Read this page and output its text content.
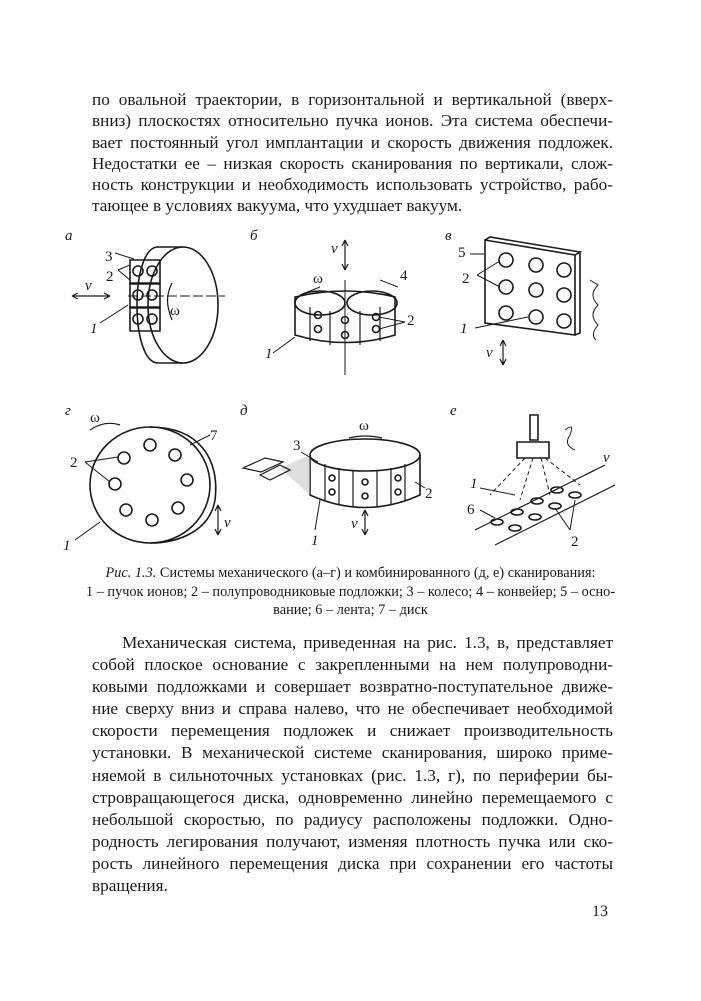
по овальной траектории, в горизонтальной и вертикальной (вверх-
вниз) плоскостях относительно пучка ионов. Эта система обеспечи-
вает постоянный угол имплантации и скорость движения подложек.
Недостатки ее – низкая скорость сканирования по вертикали, слож-
ность конструкции и необходимость использовать устройство, рабо-
тающее в условиях вакуума, что ухудшает вакуум.
а
v
ω
3
2
1
б
v
ω	4
2
1
в
v
5
2
1
г ω
v
7
2
1
д
ω
v
3
2
1
е
v
1
6
2
Рис. 1.3. Системы механического (а–г) и комбинированного (д, е) сканирования:
1 – пучок ионов; 2 – полупроводниковые подложки; 3 – колесо; 4 – конвейер; 5 – осно-
вание; 6 – лента; 7 – диск
Механическая система, приведенная на рис. 1.3, в, представляет
собой плоское основание с закрепленными на нем полупроводни-
ковыми подложками и совершает возвратно-поступательное движе-
ние сверху вниз и справа налево, что не обеспечивает необходимой
скорости перемещения подложек и снижает производительность
установки. В механической системе сканирования, широко приме-
няемой в сильноточных установках (рис. 1.3, г), по периферии бы-
стровращающегося диска, одновременно линейно перемещаемого с
небольшой скоростью, по радиусу расположены подложки. Одно-
родность легирования получают, изменяя плотность пучка или ско-
рость линейного перемещения диска при сохранении его частоты
вращения.
13
